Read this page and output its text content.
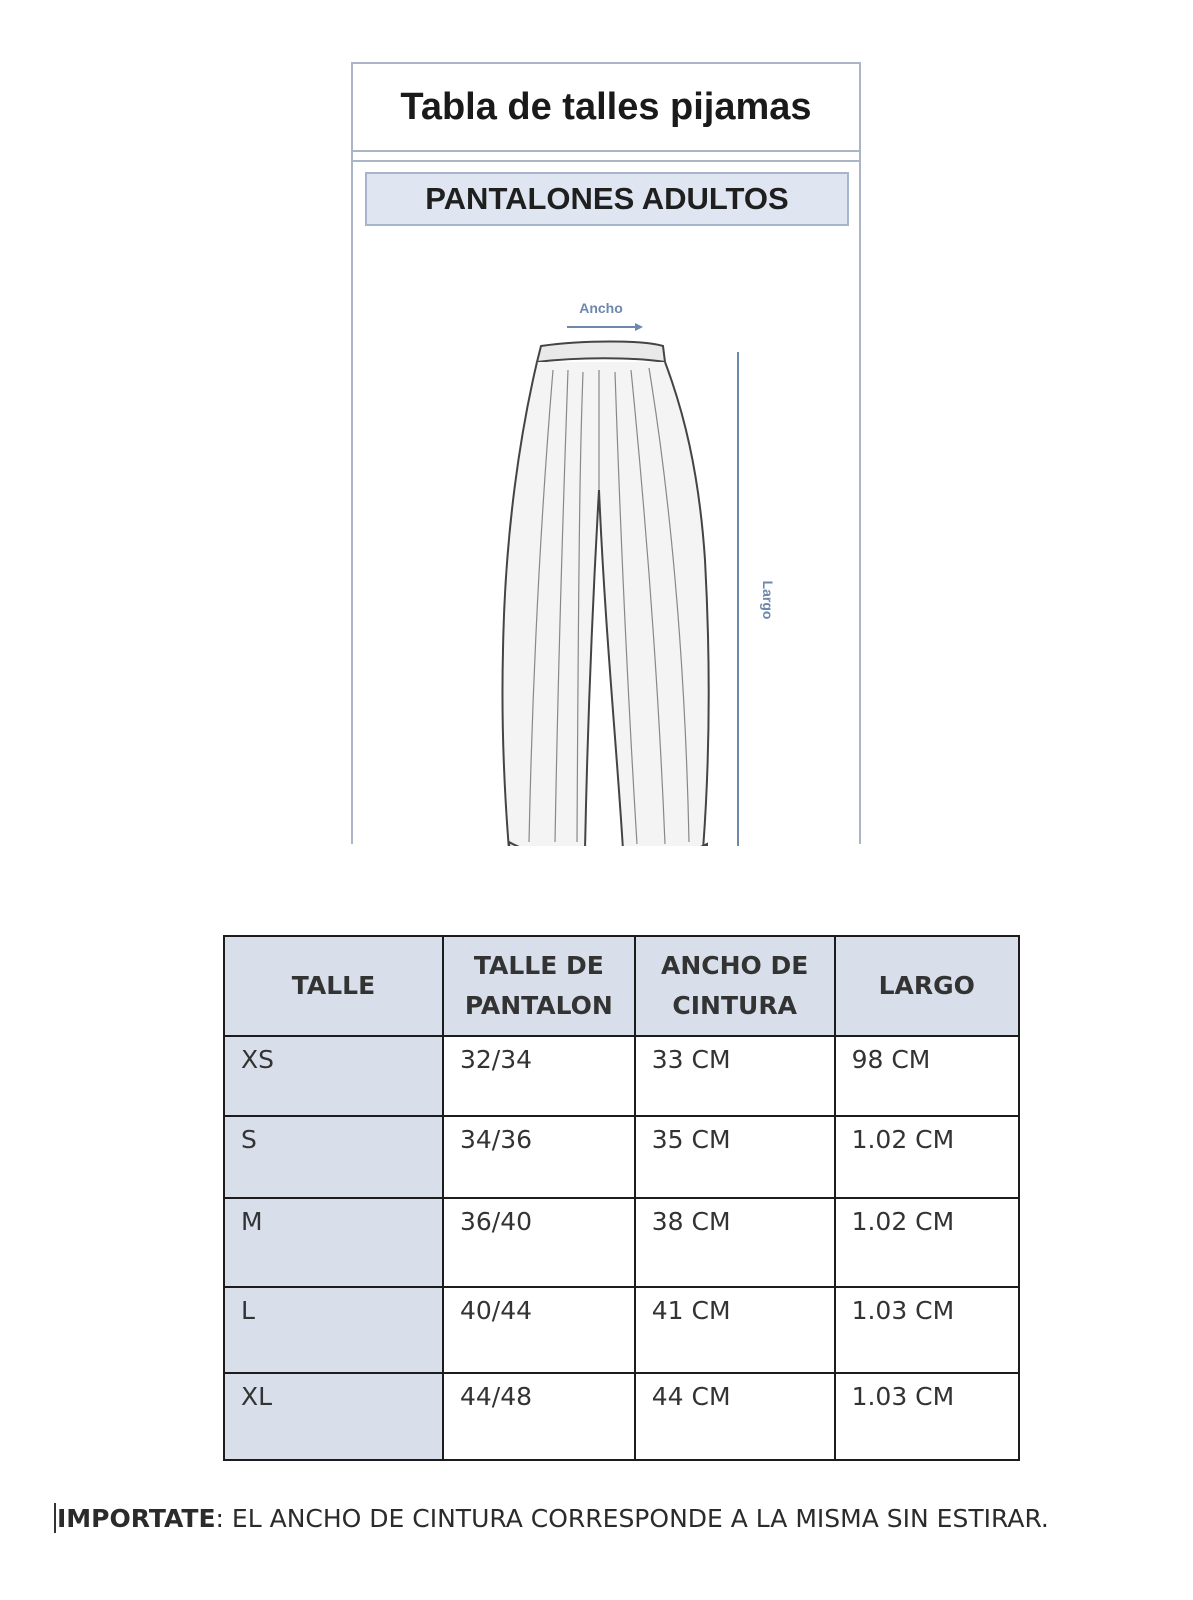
Tabla de talles pijamas
PANTALONES ADULTOS
Ancho
Largo
TALLE	TALLE DE PANTALON	ANCHO DE CINTURA	LARGO
XS	32/34	33 CM	98 CM
S	34/36	35 CM	1.02 CM
M	36/40	38 CM	1.02 CM
L	40/44	41 CM	1.03 CM
XL	44/48	44 CM	1.03 CM
IMPORTATE: EL ANCHO DE CINTURA CORRESPONDE A LA MISMA SIN ESTIRAR.
